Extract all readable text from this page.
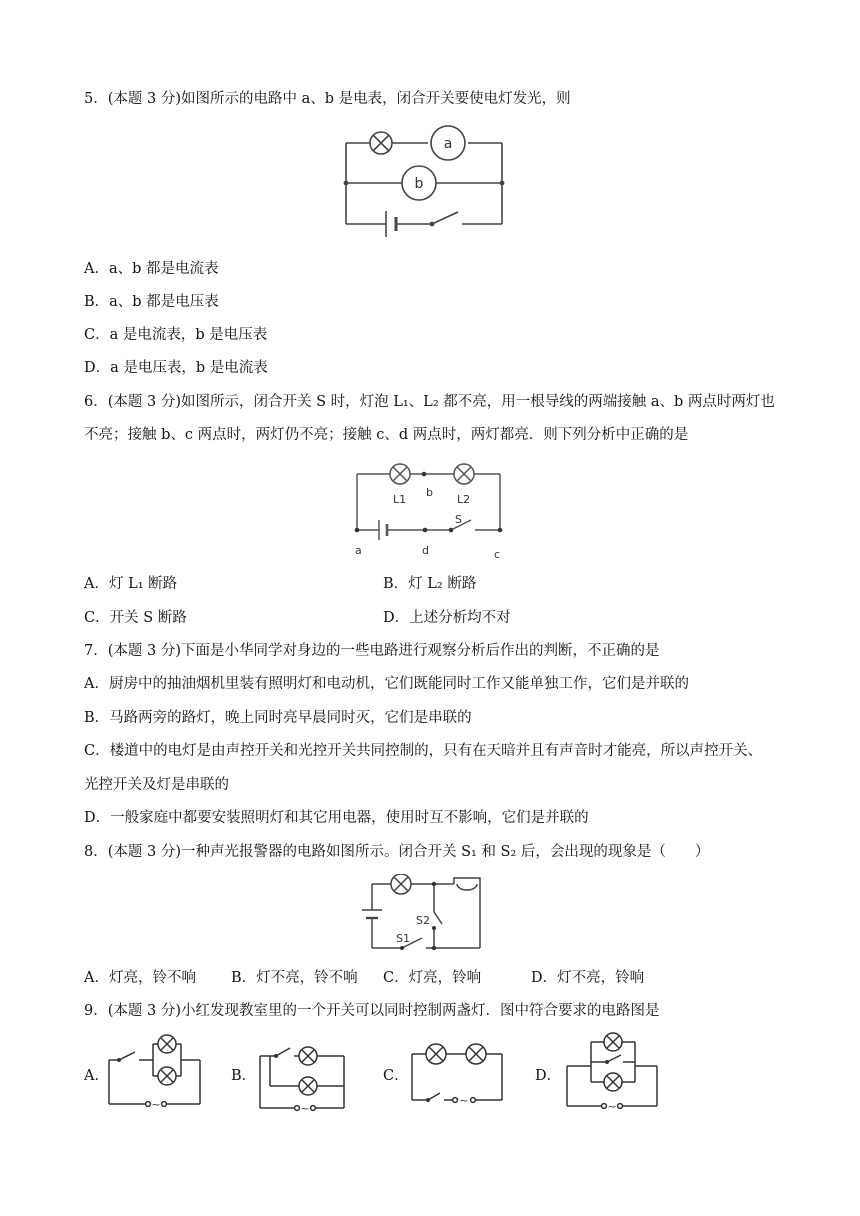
5．(本题 3 分)如图所示的电路中 a、b 是电表，闭合开关要使电灯发光，则
a
b
A．a、b 都是电流表
B．a、b 都是电压表
C．a 是电流表，b 是电压表
D．a 是电压表，b 是电流表
6．(本题 3 分)如图所示，闭合开关 S 时，灯泡 L₁、L₂ 都不亮，用一根导线的两端接触 a、b 两点时两灯也
不亮；接触 b、c 两点时，两灯仍不亮；接触 c、d 两点时，两灯都亮．则下列分析中正确的是
L1
b
L2
S
a	d	c
A．灯 L₁ 断路	B．灯 L₂ 断路
C．开关 S 断路	D．上述分析均不对
7．(本题 3 分)下面是小华同学对身边的一些电路进行观察分析后作出的判断，不正确的是
A．厨房中的抽油烟机里装有照明灯和电动机，它们既能同时工作又能单独工作，它们是并联的
B．马路两旁的路灯，晚上同时亮早晨同时灭，它们是串联的
C．楼道中的电灯是由声控开关和光控开关共同控制的，只有在天暗并且有声音时才能亮，所以声控开关、
光控开关及灯是串联的
D．一般家庭中都要安装照明灯和其它用电器，使用时互不影响，它们是并联的
8．(本题 3 分)一种声光报警器的电路如图所示。闭合开关 S₁ 和 S₂ 后，会出现的现象是（　　）
S2
S1
A．灯亮，铃不响 B．灯不亮，铃不响 C．灯亮，铃响	D．灯不亮，铃响
9．(本题 3 分)小红发现教室里的一个开关可以同时控制两盏灯．图中符合要求的电路图是
A．
~
B．
~
C．
~
D．
~
